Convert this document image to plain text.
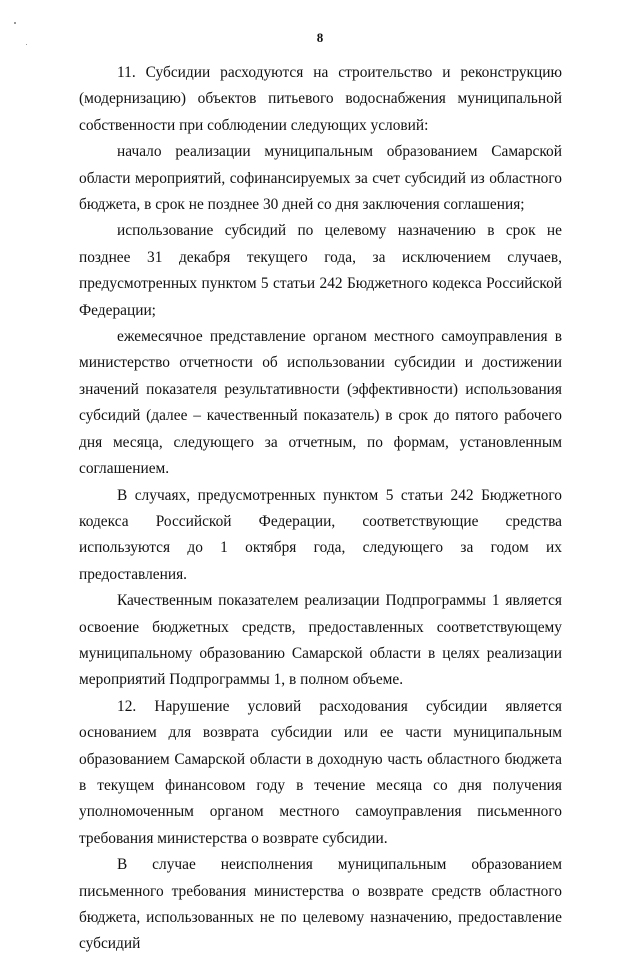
8

11. Субсидии расходуются на строительство и реконструкцию (модернизацию) объектов питьевого водоснабжения муниципальной собственности при соблюдении следующих условий:

начало реализации муниципальным образованием Самарской области мероприятий, софинансируемых за счет субсидий из областного бюджета, в срок не позднее 30 дней со дня заключения соглашения;

использование субсидий по целевому назначению в срок не позднее 31 декабря текущего года, за исключением случаев, предусмотренных пунктом 5 статьи 242 Бюджетного кодекса Российской Федерации;

ежемесячное представление органом местного самоуправления в министерство отчетности об использовании субсидии и достижении значений показателя результативности (эффективности) использования субсидий (далее – качественный показатель) в срок до пятого рабочего дня месяца, следующего за отчетным, по формам, установленным соглашением.

В случаях, предусмотренных пунктом 5 статьи 242 Бюджетного кодекса Российской Федерации, соответствующие средства используются до 1 октября года, следующего за годом их предоставления.

Качественным показателем реализации Подпрограммы 1 является освоение бюджетных средств, предоставленных соответствующему муниципальному образованию Самарской области в целях реализации мероприятий Подпрограммы 1, в полном объеме.

12. Нарушение условий расходования субсидии является основанием для возврата субсидии или ее части муниципальным образованием Самарской области в доходную часть областного бюджета в текущем финансовом году в течение месяца со дня получения уполномоченным органом местного самоуправления письменного требования министерства о возврате субсидии.

В случае неисполнения муниципальным образованием письменного требования министерства о возврате средств областного бюджета, использованных не по целевому назначению, предоставление субсидий
